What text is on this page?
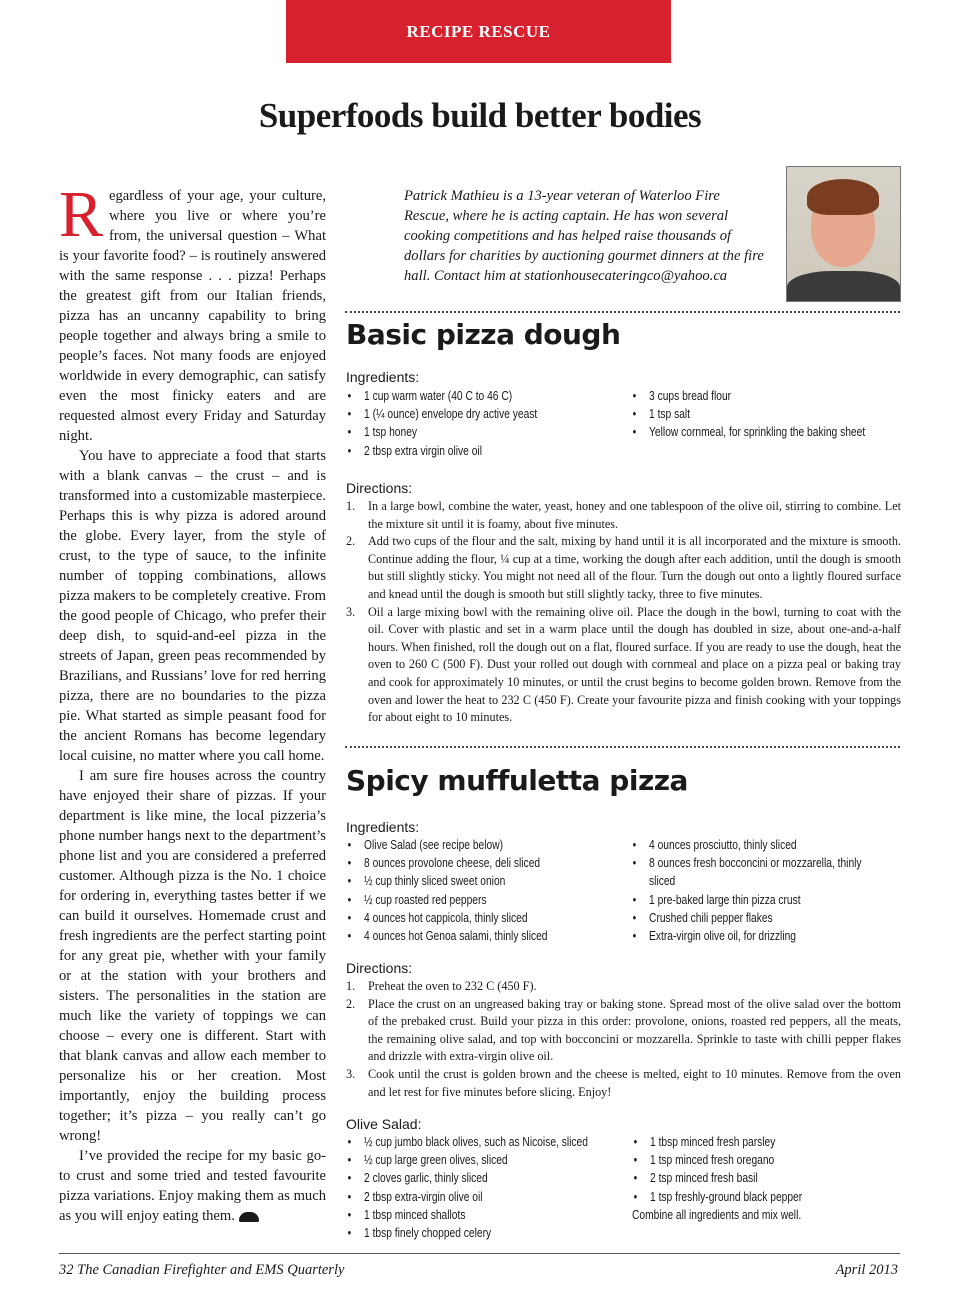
RECIPE RESCUE
Superfoods build better bodies

Regardless of your age, your culture, where you live or where you’re from, the universal question – What is your favorite food? – is routinely answered with the same response . . . pizza! Perhaps the greatest gift from our Italian friends, pizza has an uncanny capability to bring people together and always bring a smile to people’s faces. Not many foods are enjoyed worldwide in every demographic, can satisfy even the most finicky eaters and are requested almost every Friday and Saturday night.

You have to appreciate a food that starts with a blank canvas – the crust – and is transformed into a customizable masterpiece. Perhaps this is why pizza is adored around the globe. Every layer, from the style of crust, to the type of sauce, to the infinite number of topping combinations, allows pizza makers to be completely creative. From the good people of Chicago, who prefer their deep dish, to squid-and-eel pizza in the streets of Japan, green peas recommended by Brazilians, and Russians’ love for red herring pizza, there are no boundaries to the pizza pie. What started as simple peasant food for the ancient Romans has become legendary local cuisine, no matter where you call home.

I am sure fire houses across the country have enjoyed their share of pizzas. If your department is like mine, the local pizzeria’s phone number hangs next to the department’s phone list and you are considered a preferred customer. Although pizza is the No. 1 choice for ordering in, everything tastes better if we can build it ourselves. Homemade crust and fresh ingredients are the perfect starting point for any great pie, whether with your family or at the station with your brothers and sisters. The personalities in the station are much like the variety of toppings we can choose – every one is different. Start with that blank canvas and allow each member to personalize his or her creation. Most importantly, enjoy the building process together; it’s pizza – you really can’t go wrong!

I’ve provided the recipe for my basic go-to crust and some tried and tested favourite pizza variations. Enjoy making them as much as you will enjoy eating them.

Patrick Mathieu is a 13-year veteran of Waterloo Fire Rescue, where he is acting captain. He has won several cooking competitions and has helped raise thousands of dollars for charities by auctioning gourmet dinners at the fire hall. Contact him at stationhousecateringco@yahoo.ca
Basic pizza dough
Ingredients:
• 1 cup warm water (40 C to 46 C)
• 1 (¼ ounce) envelope dry active yeast
• 1 tsp honey
• 2 tbsp extra virgin olive oil
• 3 cups bread flour
• 1 tsp salt
• Yellow cornmeal, for sprinkling the baking sheet
Directions:
1. In a large bowl, combine the water, yeast, honey and one tablespoon of the olive oil, stirring to combine. Let the mixture sit until it is foamy, about five minutes.
2. Add two cups of the flour and the salt, mixing by hand until it is all incorporated and the mixture is smooth. Continue adding the flour, ¼ cup at a time, working the dough after each addition, until the dough is smooth but still slightly sticky. You might not need all of the flour. Turn the dough out onto a lightly floured surface and knead until the dough is smooth but still slightly tacky, three to five minutes.
3. Oil a large mixing bowl with the remaining olive oil. Place the dough in the bowl, turning to coat with the oil. Cover with plastic and set in a warm place until the dough has doubled in size, about one-and-a-half hours. When finished, roll the dough out on a flat, floured surface. If you are ready to use the dough, heat the oven to 260 C (500 F). Dust your rolled out dough with cornmeal and place on a pizza peal or baking tray and cook for approximately 10 minutes, or until the crust begins to become golden brown. Remove from the oven and lower the heat to 232 C (450 F). Create your favourite pizza and finish cooking with your toppings for about eight to 10 minutes.
Spicy muffuletta pizza
Ingredients:
• Olive Salad (see recipe below)
• 8 ounces provolone cheese, deli sliced
• ½ cup thinly sliced sweet onion
• ½ cup roasted red peppers
• 4 ounces hot cappicola, thinly sliced
• 4 ounces hot Genoa salami, thinly sliced
• 4 ounces prosciutto, thinly sliced
• 8 ounces fresh bocconcini or mozzarella, thinly sliced
• 1 pre-baked large thin pizza crust
• Crushed chili pepper flakes
• Extra-virgin olive oil, for drizzling
Directions:
1. Preheat the oven to 232 C (450 F).
2. Place the crust on an ungreased baking tray or baking stone. Spread most of the olive salad over the bottom of the prebaked crust. Build your pizza in this order: provolone, onions, roasted red peppers, all the meats, the remaining olive salad, and top with bocconcini or mozzarella. Sprinkle to taste with chilli pepper flakes and drizzle with extra-virgin olive oil.
3. Cook until the crust is golden brown and the cheese is melted, eight to 10 minutes. Remove from the oven and let rest for five minutes before slicing. Enjoy!
Olive Salad:
• ½ cup jumbo black olives, such as Nicoise, sliced
• ½ cup large green olives, sliced
• 2 cloves garlic, thinly sliced
• 2 tbsp extra-virgin olive oil
• 1 tbsp minced shallots
• 1 tbsp finely chopped celery
• 1 tbsp minced fresh parsley
• 1 tsp minced fresh oregano
• 2 tsp minced fresh basil
• 1 tsp freshly-ground black pepper
Combine all ingredients and mix well.
32 The Canadian Firefighter and EMS Quarterly	April 2013
